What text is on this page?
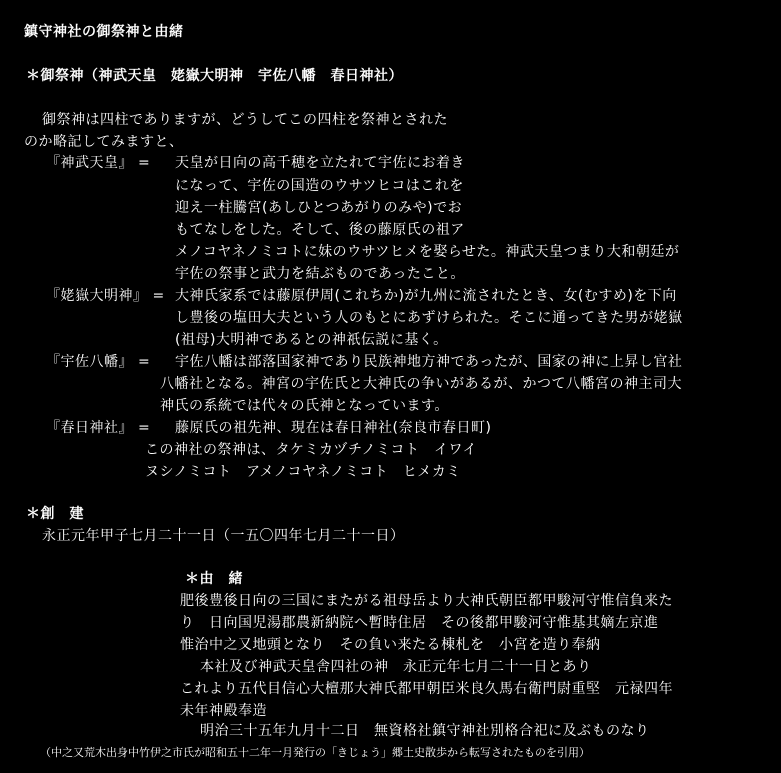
鎮守神社の御祭神と由緒
＊御祭神（神武天皇　姥嶽大明神　宇佐八幡　春日神社）
御祭神は四柱でありますが、どうしてこの四柱を祭神とされた
のか略記してみますと、
『神武天皇』 = 天皇が日向の高千穂を立たれて宇佐にお着き
になって、宇佐の国造のウサツヒコはこれを
迎え一柱騰宮(あしひとつあがりのみや)でお
もてなしをした。そして、後の藤原氏の祖ア
メノコヤネノミコトに妹のウサツヒメを娶らせた。神武天皇つまり大和朝廷が
宇佐の祭事と武力を結ぶものであったこと。
『姥嶽大明神』 = 大神氏家系では藤原伊周(これちか)が九州に流されたとき、女(むすめ)を下向
し豊後の塩田大夫という人のもとにあずけられた。そこに通ってきた男が姥嶽
(祖母)大明神であるとの神祇伝説に基く。
『宇佐八幡』 = 宇佐八幡は部落国家神であり民族神地方神であったが、国家の神に上昇し官社
八幡社となる。神宮の宇佐氏と大神氏の争いがあるが、かつて八幡宮の神主司大
神氏の系統では代々の氏神となっています。
『春日神社』 = 藤原氏の祖先神、現在は春日神社(奈良市春日町)
この神社の祭神は、タケミカヅチノミコト　イワイ
ヌシノミコト　アメノコヤネノミコト　ヒメカミ
＊創　建
永正元年甲子七月二十一日（一五〇四年七月二十一日）
＊由　緒
肥後豊後日向の三国にまたがる祖母岳より大神氏朝臣都甲駿河守惟信負来た
り　日向国児湯郡農新納院へ暫時住居　その後都甲駿河守惟基其嫡左京進
惟治中之又地頭となり　その負い来たる棟札を　小宮を造り奉納
本社及び神武天皇舎四社の神　永正元年七月二十一日とあり
これより五代目信心大檀那大神氏都甲朝臣米良久馬右衛門尉重堅　元禄四年
未年神殿奉造
明治三十五年九月十二日　無資格社鎮守神社別格合祀に及ぶものなり
（中之又荒木出身中竹伊之市氏が昭和五十二年一月発行の「きじょう」郷土史散歩から転写されたものを引用）
